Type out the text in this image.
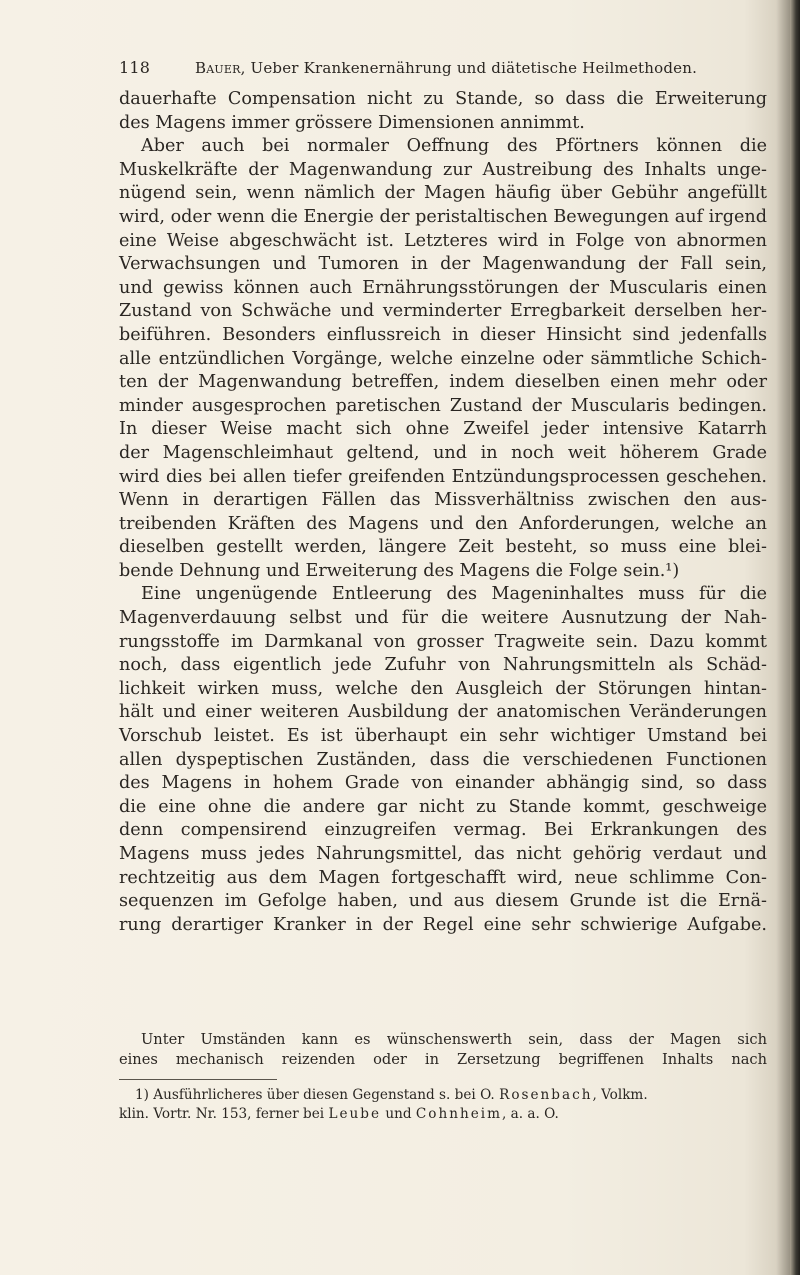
118	Bauer, Ueber Krankenernährung und diätetische Heilmethoden.
dauerhafte Compensation nicht zu Stande, so dass die Erweiterung
des Magens immer grössere Dimensionen annimmt.
Aber auch bei normaler Oeffnung des Pförtners können die
Muskelkräfte der Magenwandung zur Austreibung des Inhalts unge-
nügend sein, wenn nämlich der Magen häufig über Gebühr angefüllt
wird, oder wenn die Energie der peristaltischen Bewegungen auf irgend
eine Weise abgeschwächt ist. Letzteres wird in Folge von abnormen
Verwachsungen und Tumoren in der Magenwandung der Fall sein,
und gewiss können auch Ernährungsstörungen der Muscularis einen
Zustand von Schwäche und verminderter Erregbarkeit derselben her-
beiführen. Besonders einflussreich in dieser Hinsicht sind jedenfalls
alle entzündlichen Vorgänge, welche einzelne oder sämmtliche Schich-
ten der Magenwandung betreffen, indem dieselben einen mehr oder
minder ausgesprochen paretischen Zustand der Muscularis bedingen.
In dieser Weise macht sich ohne Zweifel jeder intensive Katarrh
der Magenschleimhaut geltend, und in noch weit höherem Grade
wird dies bei allen tiefer greifenden Entzündungsprocessen geschehen.
Wenn in derartigen Fällen das Missverhältniss zwischen den aus-
treibenden Kräften des Magens und den Anforderungen, welche an
dieselben gestellt werden, längere Zeit besteht, so muss eine blei-
bende Dehnung und Erweiterung des Magens die Folge sein.¹)
Eine ungenügende Entleerung des Mageninhaltes muss für die
Magenverdauung selbst und für die weitere Ausnutzung der Nah-
rungsstoffe im Darmkanal von grosser Tragweite sein. Dazu kommt
noch, dass eigentlich jede Zufuhr von Nahrungsmitteln als Schäd-
lichkeit wirken muss, welche den Ausgleich der Störungen hintan-
hält und einer weiteren Ausbildung der anatomischen Veränderungen
Vorschub leistet. Es ist überhaupt ein sehr wichtiger Umstand bei
allen dyspeptischen Zuständen, dass die verschiedenen Functionen
des Magens in hohem Grade von einander abhängig sind, so dass
die eine ohne die andere gar nicht zu Stande kommt, geschweige
denn compensirend einzugreifen vermag. Bei Erkrankungen des
Magens muss jedes Nahrungsmittel, das nicht gehörig verdaut und
rechtzeitig aus dem Magen fortgeschafft wird, neue schlimme Con-
sequenzen im Gefolge haben, und aus diesem Grunde ist die Ernä-
rung derartiger Kranker in der Regel eine sehr schwierige Aufgabe.
Unter Umständen kann es wünschenswerth sein, dass der Magen sich
eines mechanisch reizenden oder in Zersetzung begriffenen Inhalts nach
1) Ausführlicheres über diesen Gegenstand s. bei O. Rosenbach, Volkm.
klin. Vortr. Nr. 153, ferner bei Leube und Cohnheim, a. a. O.
